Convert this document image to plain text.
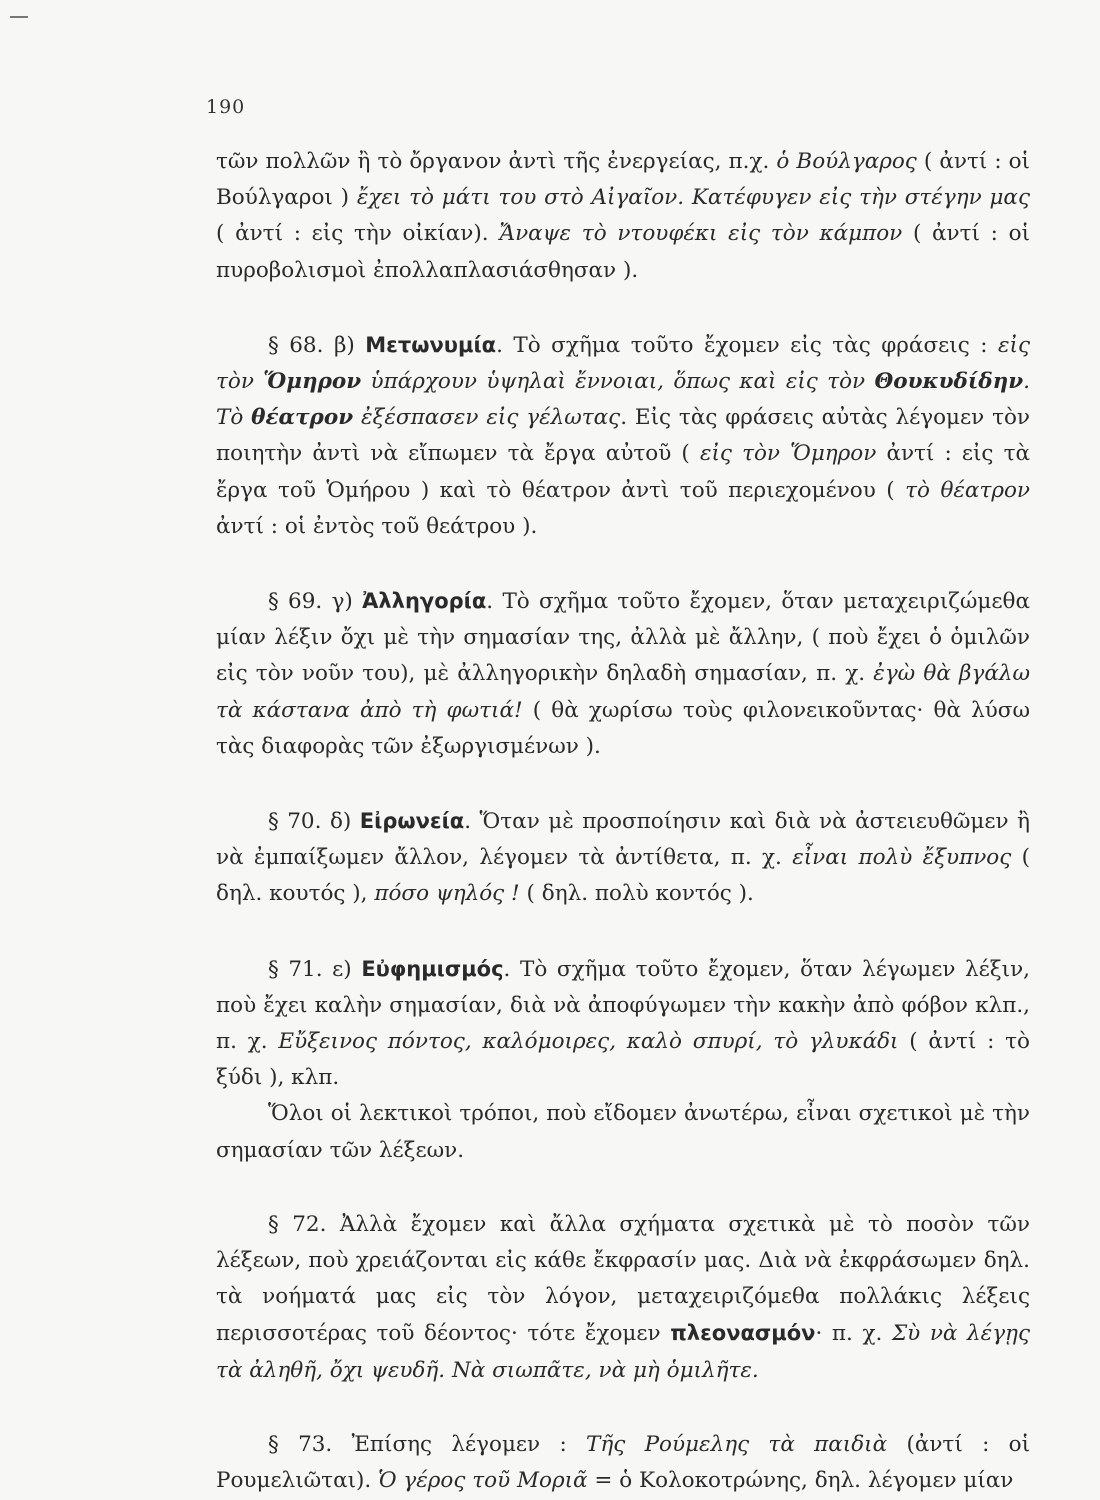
190

τῶν πολλῶν ἢ τὸ ὄργανον ἀντὶ τῆς ἐνεργείας, π.χ. ὁ Βούλγαρος ( ἀντί : οἱ Βούλγαροι ) ἔχει τὸ μάτι του στὸ Αἰγαῖον. Κατέφυγεν εἰς τὴν στέγην μας ( ἀντί : εἰς τὴν οἰκίαν). Ἄναψε τὸ ντουφέκι εἰς τὸν κάμπον ( ἀντί : οἱ πυροβολισμοὶ ἐπολλαπλασιάσθησαν ).

§ 68. β) Μετωνυμία. Τὸ σχῆμα τοῦτο ἔχομεν εἰς τὰς φράσεις : εἰς τὸν Ὅμηρον ὑπάρχουν ὑψηλαὶ ἔννοιαι, ὅπως καὶ εἰς τὸν Θουκυδίδην. Τὸ θέατρον ἐξέσπασεν εἰς γέλωτας. Εἰς τὰς φράσεις αὐτὰς λέγομεν τὸν ποιητὴν ἀντὶ νὰ εἴπωμεν τὰ ἔργα αὐτοῦ ( εἰς τὸν Ὅμηρον ἀντί : εἰς τὰ ἔργα τοῦ Ὁμήρου ) καὶ τὸ θέατρον ἀντὶ τοῦ περιεχομένου ( τὸ θέατρον ἀντί : οἱ ἐντὸς τοῦ θεάτρου ).

§ 69. γ) Ἀλληγορία. Τὸ σχῆμα τοῦτο ἔχομεν, ὅταν μεταχειριζώμεθα μίαν λέξιν ὄχι μὲ τὴν σημασίαν της, ἀλλὰ μὲ ἄλλην, ( ποὺ ἔχει ὁ ὁμιλῶν εἰς τὸν νοῦν του), μὲ ἀλληγορικὴν δηλαδὴ σημασίαν, π. χ. ἐγὼ θὰ βγάλω τὰ κάστανα ἀπὸ τὴ φωτιά! ( θὰ χωρίσω τοὺς φιλονεικοῦντας· θὰ λύσω τὰς διαφορὰς τῶν ἐξωργισμένων ).

§ 70. δ) Εἰρωνεία. Ὅταν μὲ προσποίησιν καὶ διὰ νὰ ἀστειευθῶμεν ἢ νὰ ἐμπαίξωμεν ἄλλον, λέγομεν τὰ ἀντίθετα, π. χ. εἶναι πολὺ ἔξυπνος ( δηλ. κουτός ), πόσο ψηλός ! ( δηλ. πολὺ κοντός ).

§ 71. ε) Εὐφημισμός. Τὸ σχῆμα τοῦτο ἔχομεν, ὅταν λέγωμεν λέξιν, ποὺ ἔχει καλὴν σημασίαν, διὰ νὰ ἀποφύγωμεν τὴν κακὴν ἀπὸ φόβον κλπ., π. χ. Εὔξεινος πόντος, καλόμοιρες, καλὸ σπυρί, τὸ γλυκάδι ( ἀντί : τὸ ξύδι ), κλπ.

Ὅλοι οἱ λεκτικοὶ τρόποι, ποὺ εἴδομεν ἀνωτέρω, εἶναι σχετικοὶ μὲ τὴν σημασίαν τῶν λέξεων.

§ 72. Ἀλλὰ ἔχομεν καὶ ἄλλα σχήματα σχετικὰ μὲ τὸ ποσὸν τῶν λέξεων, ποὺ χρειάζονται εἰς κάθε ἔκφρασίν μας. Διὰ νὰ ἐκφράσωμεν δηλ. τὰ νοήματά μας εἰς τὸν λόγον, μεταχειριζόμεθα πολλάκις λέξεις περισσοτέρας τοῦ δέοντος· τότε ἔχομεν πλεονασμόν· π. χ. Σὺ νὰ λέγῃς τὰ ἀληθῆ, ὄχι ψευδῆ. Νὰ σιωπᾶτε, νὰ μὴ ὁμιλῆτε.

§ 73. Ἐπίσης λέγομεν : Τῆς Ρούμελης τὰ παιδιὰ (ἀντί : οἱ Ρουμελιῶται). Ὁ γέρος τοῦ Μοριᾶ = ὁ Κολοκοτρώνης, δηλ. λέγομεν μίαν
